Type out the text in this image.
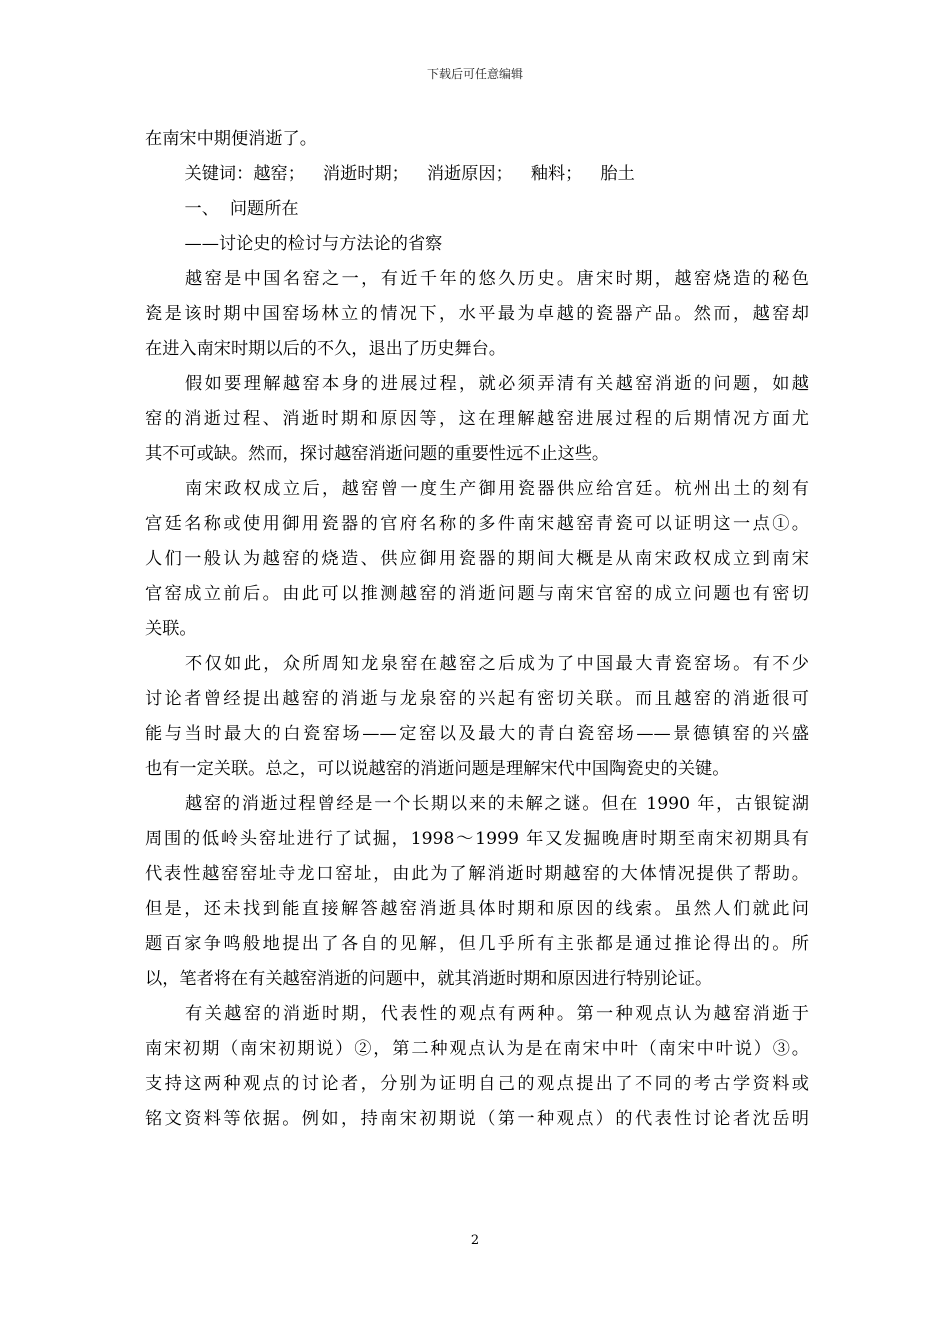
下载后可任意编辑

在南宋中期便消逝了。

关键词：越窑； 消逝时期； 消逝原因； 釉料； 胎土

一、  问题所在

——讨论史的检讨与方法论的省察

越窑是中国名窑之一，有近千年的悠久历史。唐宋时期，越窑烧造的秘色
瓷是该时期中国窑场林立的情况下，水平最为卓越的瓷器产品。然而，越窑却
在进入南宋时期以后的不久，退出了历史舞台。

假如要理解越窑本身的进展过程，就必须弄清有关越窑消逝的问题，如越
窑的消逝过程、消逝时期和原因等，这在理解越窑进展过程的后期情况方面尤
其不可或缺。然而，探讨越窑消逝问题的重要性远不止这些。

南宋政权成立后，越窑曾一度生产御用瓷器供应给宫廷。杭州出土的刻有
宫廷名称或使用御用瓷器的官府名称的多件南宋越窑青瓷可以证明这一点①。
人们一般认为越窑的烧造、供应御用瓷器的期间大概是从南宋政权成立到南宋
官窑成立前后。由此可以推测越窑的消逝问题与南宋官窑的成立问题也有密切
关联。

不仅如此，众所周知龙泉窑在越窑之后成为了中国最大青瓷窑场。有不少
讨论者曾经提出越窑的消逝与龙泉窑的兴起有密切关联。而且越窑的消逝很可
能与当时最大的白瓷窑场——定窑以及最大的青白瓷窑场——景德镇窑的兴盛
也有一定关联。总之，可以说越窑的消逝问题是理解宋代中国陶瓷史的关键。

越窑的消逝过程曾经是一个长期以来的未解之谜。但在 1990 年，古银锭湖
周围的低岭头窑址进行了试掘，1998～1999 年又发掘晚唐时期至南宋初期具有
代表性越窑窑址寺龙口窑址，由此为了解消逝时期越窑的大体情况提供了帮助。
但是，还未找到能直接解答越窑消逝具体时期和原因的线索。虽然人们就此问
题百家争鸣般地提出了各自的见解，但几乎所有主张都是通过推论得出的。所
以，笔者将在有关越窑消逝的问题中，就其消逝时期和原因进行特别论证。

有关越窑的消逝时期，代表性的观点有两种。第一种观点认为越窑消逝于
南宋初期（南宋初期说）②，第二种观点认为是在南宋中叶（南宋中叶说）③。
支持这两种观点的讨论者，分别为证明自己的观点提出了不同的考古学资料或
铭文资料等依据。例如，持南宋初期说（第一种观点）的代表性讨论者沈岳明

2
